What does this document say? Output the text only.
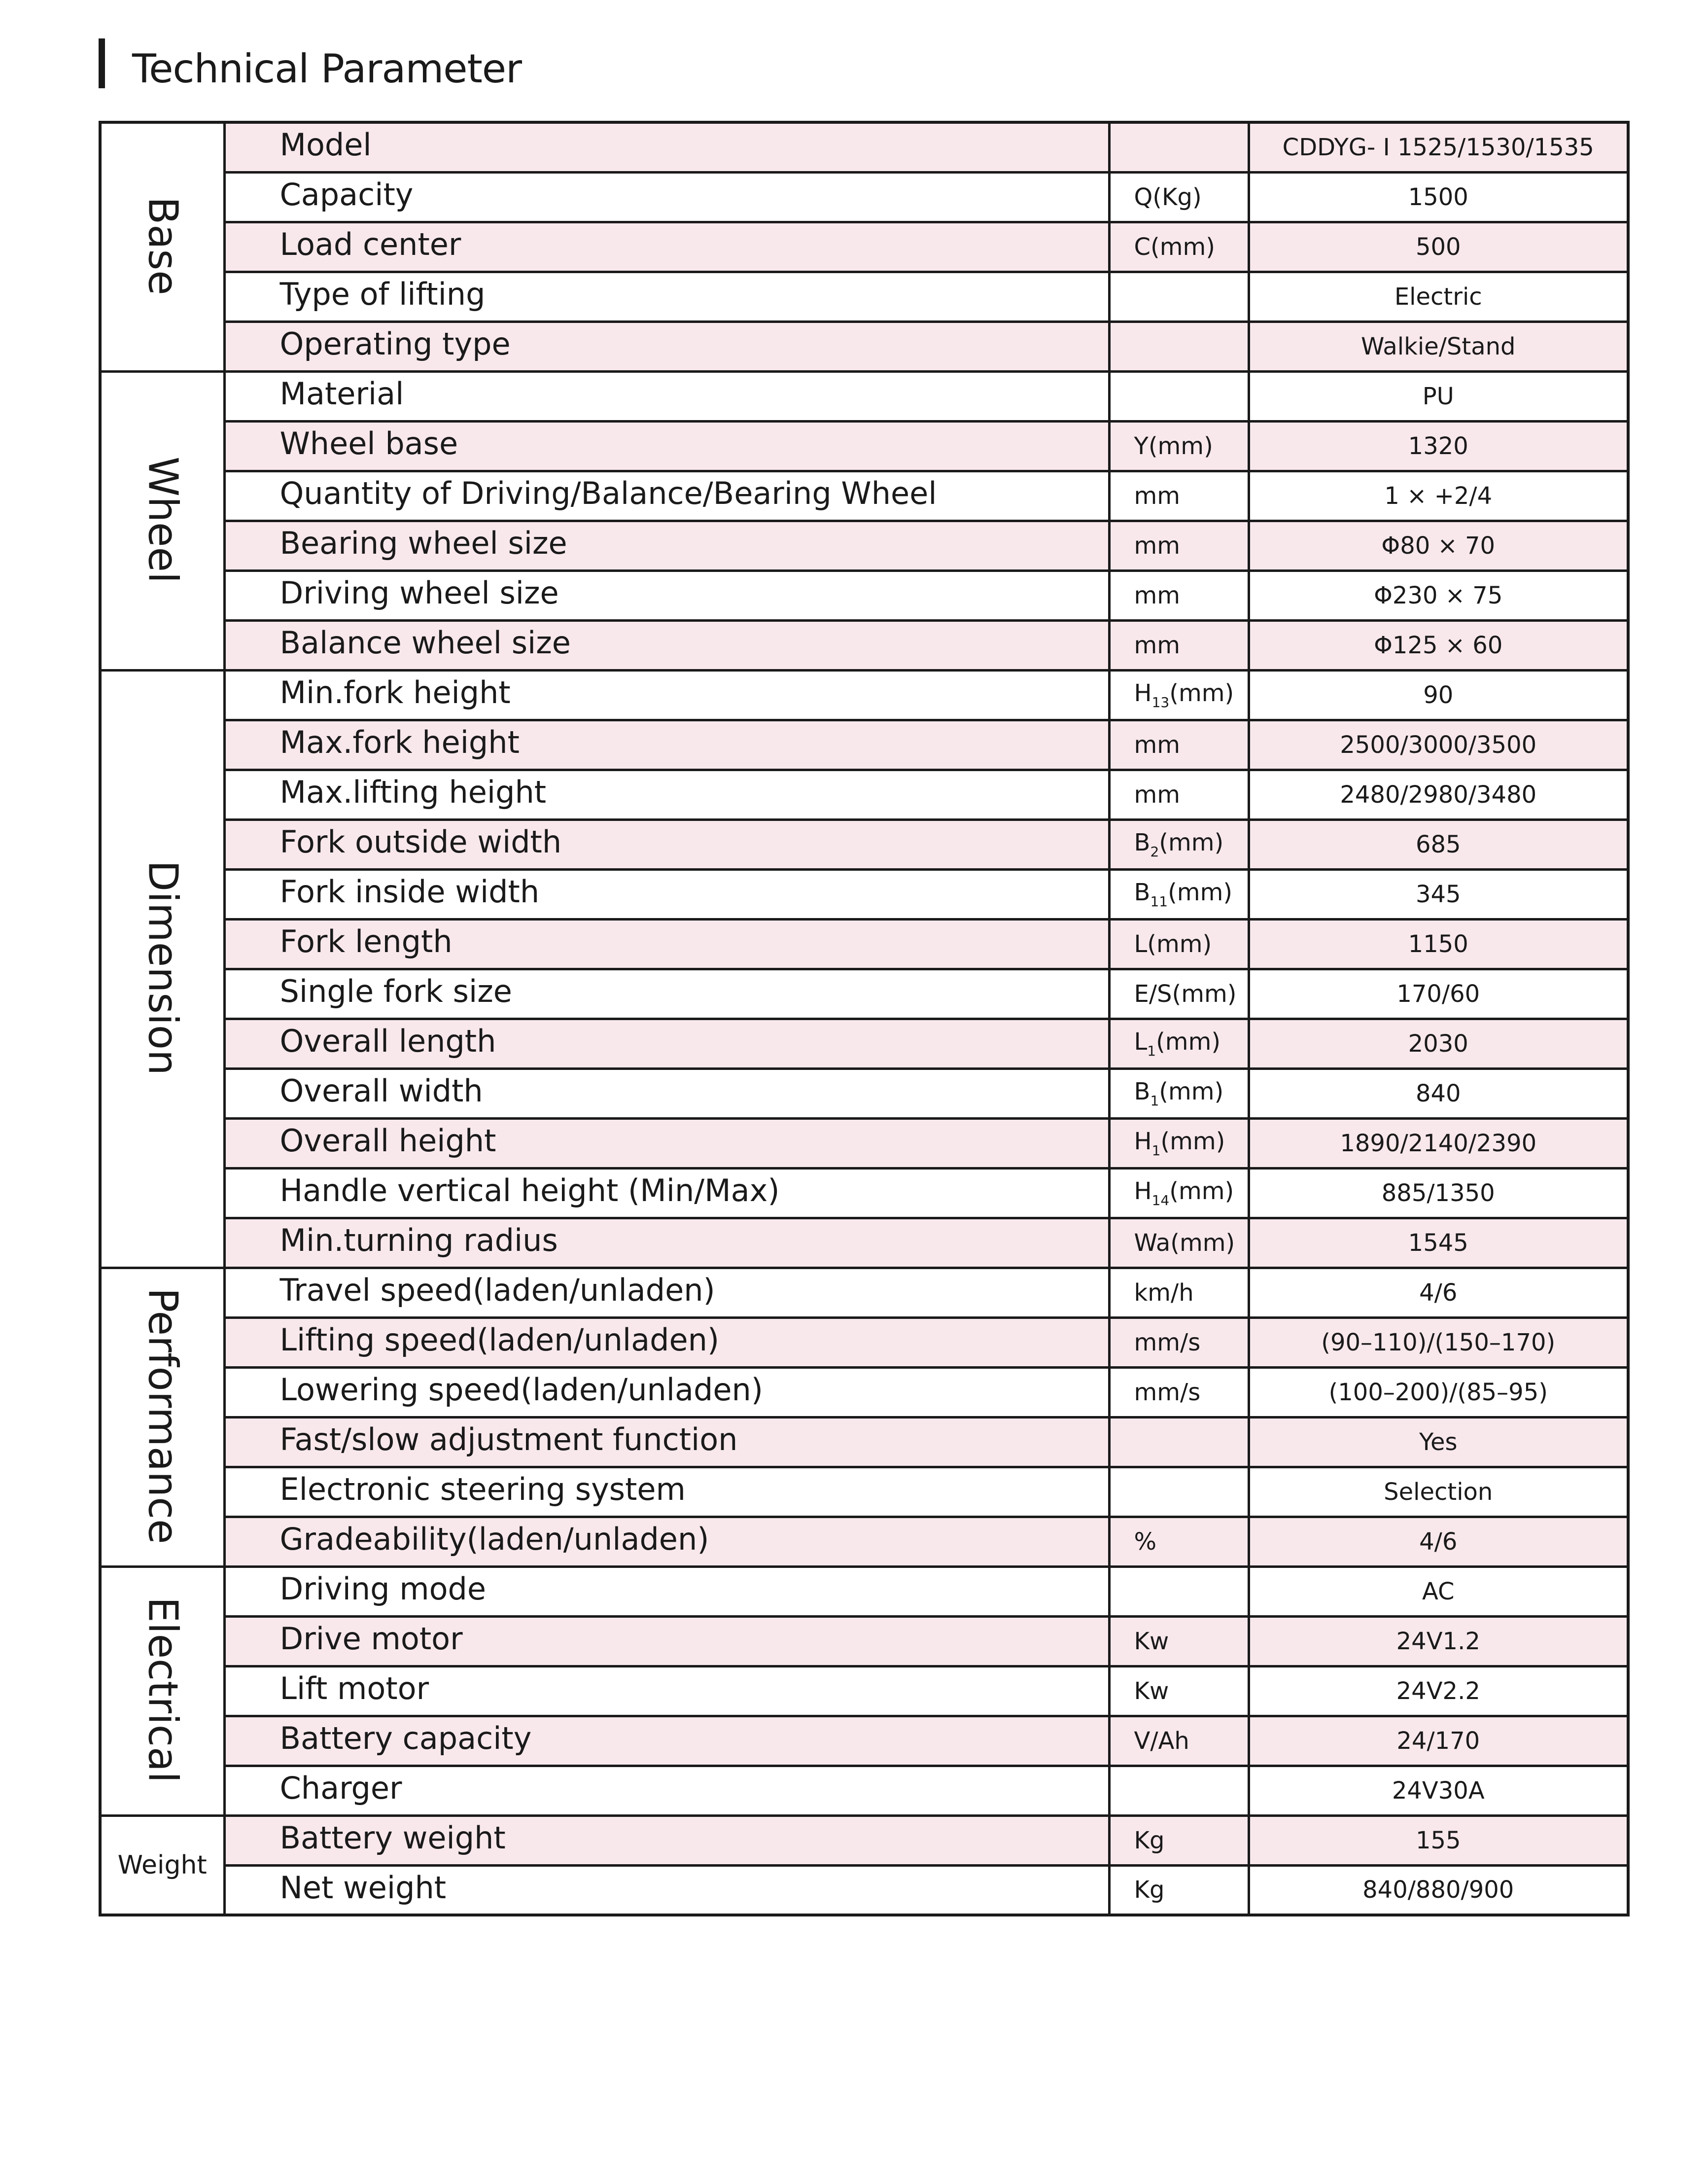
Technical Parameter
Base	Model		CDDYG- Ⅰ 1525/1530/1535
	Capacity	Q(Kg)	1500
	Load center	C(mm)	500
	Type of lifting		Electric
	Operating type		Walkie/Stand
Wheel	Material		PU
	Wheel base	Y(mm)	1320
	Quantity of Driving/Balance/Bearing Wheel	mm	1 × +2/4
	Bearing wheel size	mm	Φ80 × 70
	Driving wheel size	mm	Φ230 × 75
	Balance wheel size	mm	Φ125 × 60
Dimension	Min.fork height	$H_{13}(mm)$	90
	Max.fork height	mm	2500/3000/3500
	Max.lifting height	mm	2480/2980/3480
	Fork outside width	$B_2(mm)$	685
	Fork inside width	$B_{11}(mm)$	345
	Fork length	L(mm)	1150
	Single fork size	E/S(mm)	170/60
	Overall length	$L_1(mm)$	2030
	Overall width	$B_1(mm)$	840
	Overall height	$H_1(mm)$	1890/2140/2390
	Handle vertical height (Min/Max)	$H_{14}(mm)$	885/1350
	Min.turning radius	Wa(mm)	1545
Performance	Travel speed(laden/unladen)	km/h	4/6
	Lifting speed(laden/unladen)	mm/s	(90–110)/(150–170)
	Lowering speed(laden/unladen)	mm/s	(100–200)/(85–95)
	Fast/slow adjustment function		Yes
	Electronic steering system		Selection
	Gradeability(laden/unladen)	%	4/6
Electrical	Driving mode		AC
	Drive motor	Kw	24V1.2
	Lift motor	Kw	24V2.2
	Battery capacity	V/Ah	24/170
	Charger		24V30A
Weight	Battery weight	Kg	155
	Net weight	Kg	840/880/900
